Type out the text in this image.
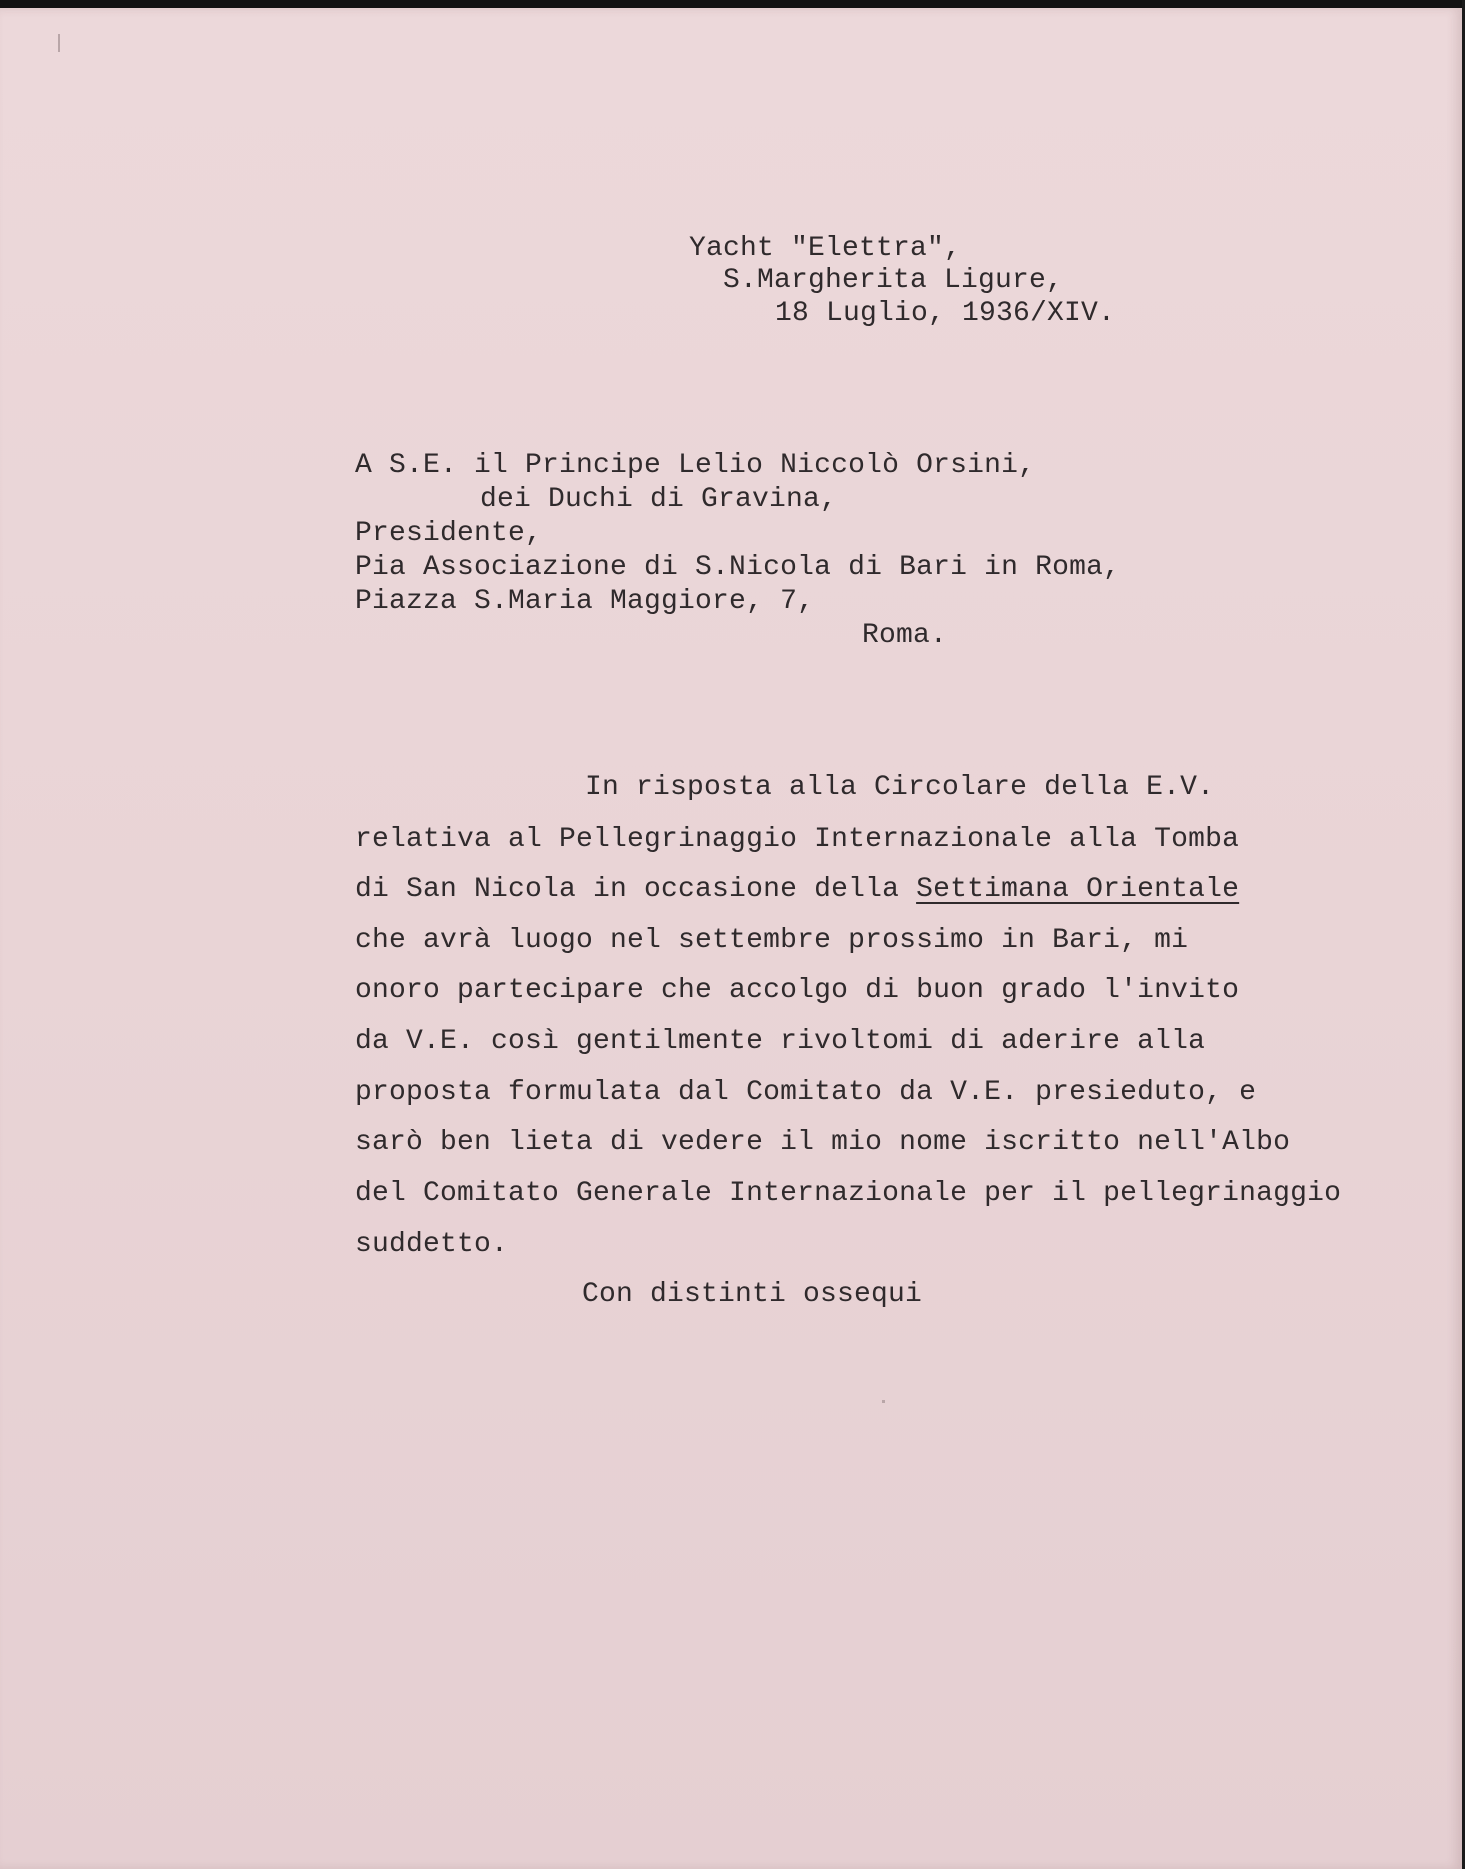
Yacht "Elettra",

S.Margherita Ligure,

18 Luglio, 1936/XIV.

A S.E. il Principe Lelio Niccolò Orsini,

dei Duchi di Gravina,

Presidente,

Pia Associazione di S.Nicola di Bari in Roma,

Piazza S.Maria Maggiore, 7,

Roma.

In risposta alla Circolare della E.V.

relativa al Pellegrinaggio Internazionale alla Tomba

di San Nicola in occasione della Settimana Orientale

che avrà luogo nel settembre prossimo in Bari, mi

onoro partecipare che accolgo di buon grado l'invito

da V.E. così gentilmente rivoltomi di aderire alla

proposta formulata dal Comitato da V.E. presieduto, e

sarò ben lieta di vedere il mio nome iscritto nell'Albo

del Comitato Generale Internazionale per il pellegrinaggio

suddetto.

Con distinti ossequi
